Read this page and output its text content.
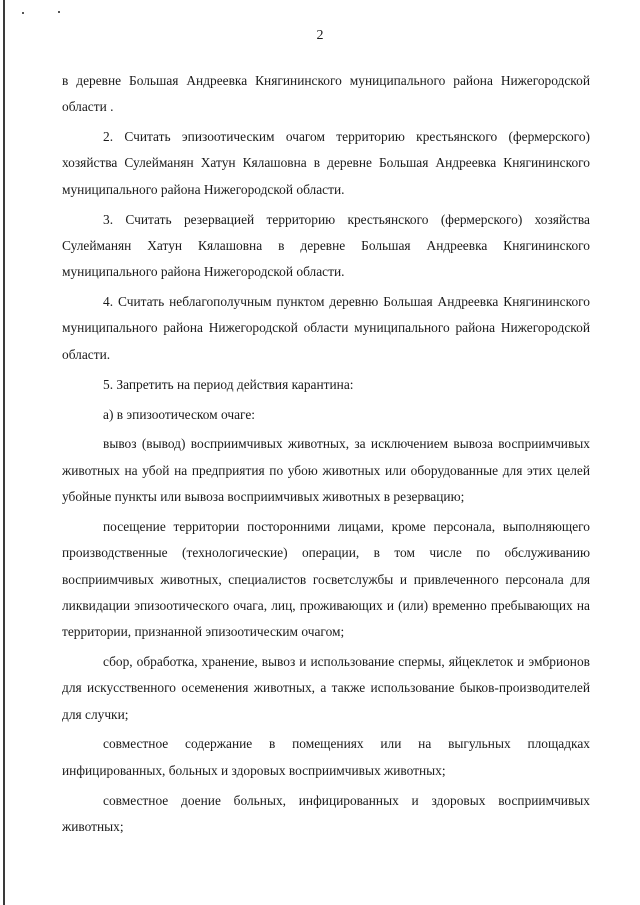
2

в деревне Большая Андреевка Княгининского муниципального района Нижегородской области .

2. Считать эпизоотическим очагом территорию крестьянского (фермерского) хозяйства Сулейманян Хатун Кялашовна в деревне Большая Андреевка Княгининского муниципального района Нижегородской области.

3. Считать резервацией территорию крестьянского (фермерского) хозяйства Сулейманян Хатун Кялашовна в деревне Большая Андреевка Княгининского муниципального района Нижегородской области.

4. Считать неблагополучным пунктом деревню Большая Андреевка Княгининского муниципального района Нижегородской области муниципального района Нижегородской области.

5. Запретить на период действия карантина:

а) в эпизоотическом очаге:

вывоз (вывод) восприимчивых животных, за исключением вывоза восприимчивых животных на убой на предприятия по убою животных или оборудованные для этих целей убойные пункты или вывоза восприимчивых животных в резервацию;

посещение территории посторонними лицами, кроме персонала, выполняющего производственные (технологические) операции, в том числе по обслуживанию восприимчивых животных, специалистов госветслужбы и привлеченного персонала для ликвидации эпизоотического очага, лиц, проживающих и (или) временно пребывающих на территории, признанной эпизоотическим очагом;

сбор, обработка, хранение, вывоз и использование спермы, яйцеклеток и эмбрионов для искусственного осеменения животных, а также использование быков-производителей для случки;

совместное содержание в помещениях или на выгульных площадках инфицированных, больных и здоровых восприимчивых животных;

совместное доение больных, инфицированных и здоровых восприимчивых животных;
